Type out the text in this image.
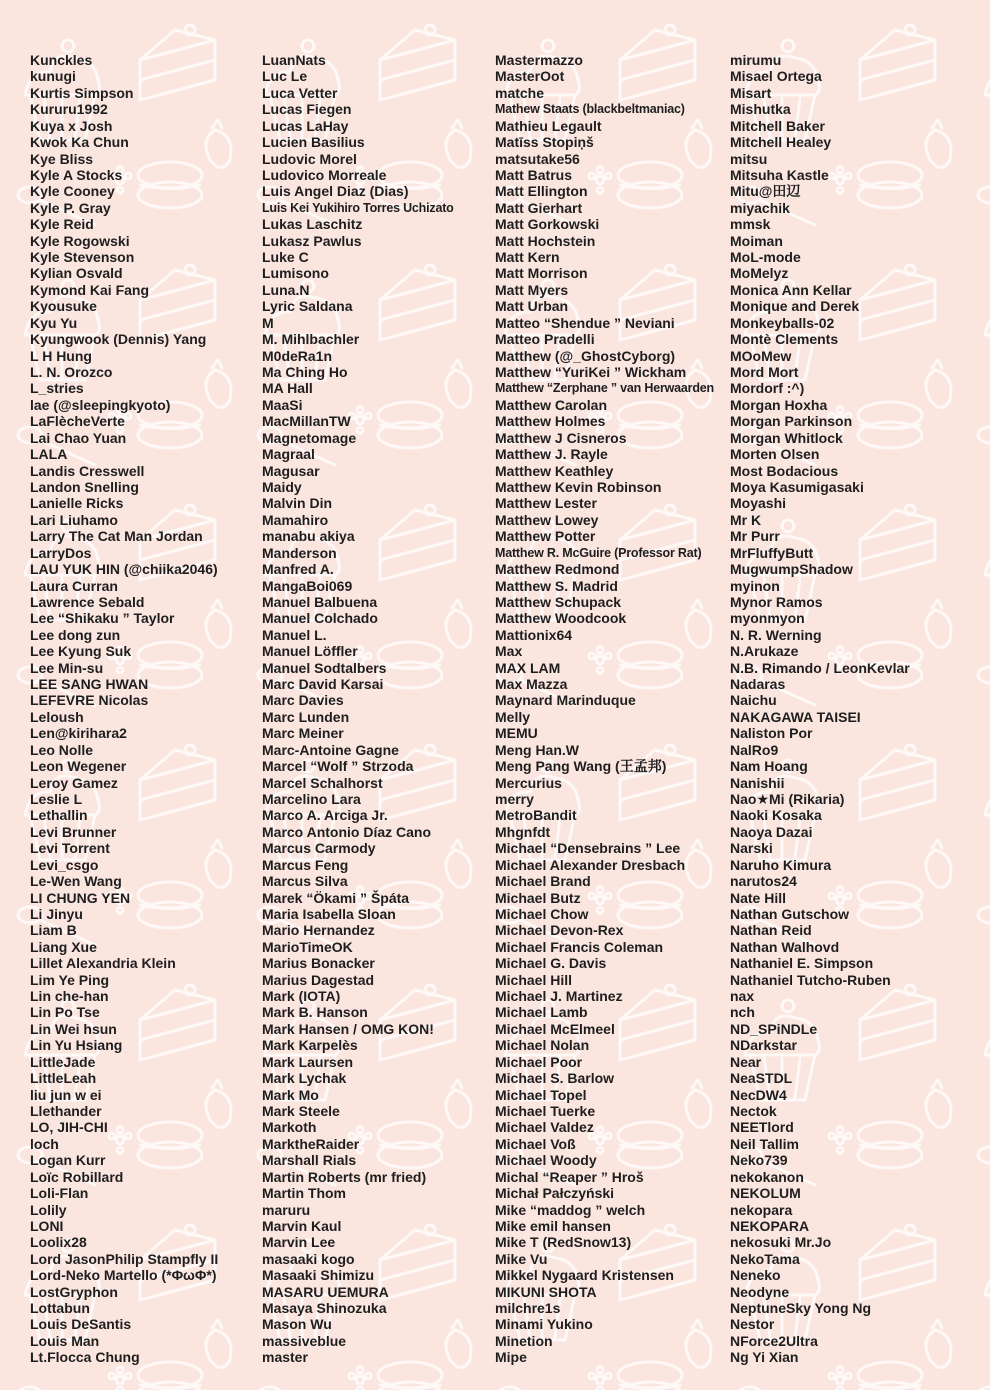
Kunckles
kunugi
Kurtis Simpson
Kururu1992
Kuya x Josh
Kwok Ka Chun
Kye Bliss
Kyle A Stocks
Kyle Cooney
Kyle P. Gray
Kyle Reid
Kyle Rogowski
Kyle Stevenson
Kylian Osvald
Kymond Kai Fang
Kyousuke
Kyu Yu
Kyungwook (Dennis) Yang
L H Hung
L. N. Orozco
L_stries
lae (@sleepingkyoto)
LaFlècheVerte
Lai Chao Yuan
LALA
Landis Cresswell
Landon Snelling
Lanielle Ricks
Lari Liuhamo
Larry The Cat Man Jordan
LarryDos
LAU YUK HIN (@chiika2046)
Laura Curran
Lawrence Sebald
Lee “Shikaku ” Taylor
Lee dong zun
Lee Kyung Suk
Lee Min-su
LEE SANG HWAN
LEFEVRE Nicolas
Leloush
Len@kirihara2
Leo Nolle
Leon Wegener
Leroy Gamez
Leslie L
Lethallin
Levi Brunner
Levi Torrent
Levi_csgo
Le-Wen Wang
LI CHUNG YEN
Li Jinyu
Liam B
Liang Xue
Lillet Alexandria Klein
Lim Ye Ping
Lin che-han
Lin Po Tse
Lin Wei hsun
Lin Yu Hsiang
LittleJade
LittleLeah
liu jun w ei
Llethander
LO, JIH-CHI
loch
Logan Kurr
Loïc Robillard
Loli-Flan
Lolily
LONI
Loolix28
Lord JasonPhilip Stampfly II
Lord-Neko Martello (*ΦωΦ*)
LostGryphon
Lottabun
Louis DeSantis
Louis Man
Lt.Flocca Chung
LuanNats
Luc Le
Luca Vetter
Lucas Fiegen
Lucas LaHay
Lucien Basilius
Ludovic Morel
Ludovico Morreale
Luis Angel Diaz (Dias)
Luis Kei Yukihiro Torres Uchizato
Lukas Laschitz
Lukasz Pawlus
Luke C
Lumisono
Luna.N
Lyric Saldana
M
M. Mihlbachler
M0deRa1n
Ma Ching Ho
MA Hall
MaaSi
MacMillanTW
Magnetomage
Magraal
Magusar
Maidy
Malvin Din
Mamahiro
manabu akiya
Manderson
Manfred A.
MangaBoi069
Manuel Balbuena
Manuel Colchado
Manuel L.
Manuel Löffler
Manuel Sodtalbers
Marc David Karsai
Marc Davies
Marc Lunden
Marc Meiner
Marc-Antoine Gagne
Marcel “Wolf ” Strzoda
Marcel Schalhorst
Marcelino Lara
Marco A. Arciga Jr.
Marco Antonio Díaz Cano
Marcus Carmody
Marcus Feng
Marcus Silva
Marek “Ökami ” Špáta
Maria Isabella Sloan
Mario Hernandez
MarioTimeOK
Marius Bonacker
Marius Dagestad
Mark (IOTA)
Mark B. Hanson
Mark Hansen / OMG KON!
Mark Karpelès
Mark Laursen
Mark Lychak
Mark Mo
Mark Steele
Markoth
MarktheRaider
Marshall Rials
Martin Roberts (mr fried)
Martin Thom
maruru
Marvin Kaul
Marvin Lee
masaaki kogo
Masaaki Shimizu
MASARU UEMURA
Masaya Shinozuka
Mason Wu
massiveblue
master
Mastermazzo
MasterOot
matche
Mathew Staats (blackbeltmaniac)
Mathieu Legault
Matīss Stopiņš
matsutake56
Matt Batrus
Matt Ellington
Matt Gierhart
Matt Gorkowski
Matt Hochstein
Matt Kern
Matt Morrison
Matt Myers
Matt Urban
Matteo “Shendue ” Neviani
Matteo Pradelli
Matthew (@_GhostCyborg)
Matthew “YuriKei ” Wickham
Matthew “Zerphane ” van Herwaarden
Matthew Carolan
Matthew Holmes
Matthew J Cisneros
Matthew J. Rayle
Matthew Keathley
Matthew Kevin Robinson
Matthew Lester
Matthew Lowey
Matthew Potter
Matthew R. McGuire (Professor Rat)
Matthew Redmond
Matthew S. Madrid
Matthew Schupack
Matthew Woodcook
Mattionix64
Max
MAX LAM
Max Mazza
Maynard Marinduque
Melly
MEMU
Meng Han.W
Meng Pang Wang (王孟邦)
Mercurius
merry
MetroBandit
Mhgnfdt
Michael “Densebrains ” Lee
Michael Alexander Dresbach
Michael Brand
Michael Butz
Michael Chow
Michael Devon-Rex
Michael Francis Coleman
Michael G. Davis
Michael Hill
Michael J. Martinez
Michael Lamb
Michael McElmeel
Michael Nolan
Michael Poor
Michael S. Barlow
Michael Topel
Michael Tuerke
Michael Valdez
Michael Voß
Michael Woody
Michal “Reaper ” Hroš
Michał Pałczyński
Mike “maddog ” welch
Mike emil hansen
Mike T (RedSnow13)
Mike Vu
Mikkel Nygaard Kristensen
MIKUNI SHOTA
milchre1s
Minami Yukino
Minetion
Mipe
mirumu
Misael Ortega
Misart
Mishutka
Mitchell Baker
Mitchell Healey
mitsu
Mitsuha Kastle
Mitu@田辺
miyachik
mmsk
Moiman
MoL-mode
MoMelyz
Monica Ann Kellar
Monique and Derek
Monkeyballs-02
Montè Clements
MOoMew
Mord Mort
Mordorf :^)
Morgan Hoxha
Morgan Parkinson
Morgan Whitlock
Morten Olsen
Most Bodacious
Moya Kasumigasaki
Moyashi
Mr K
Mr Purr
MrFluffyButt
MugwumpShadow
myinon
Mynor Ramos
myonmyon
N. R. Werning
N.Arukaze
N.B. Rimando / LeonKevlar
Nadaras
Naichu
NAKAGAWA TAISEI
Naliston Por
NalRo9
Nam Hoang
Nanishii
Nao★Mi (Rikaria)
Naoki Kosaka
Naoya Dazai
Narski
Naruho Kimura
narutos24
Nate Hill
Nathan Gutschow
Nathan Reid
Nathan Walhovd
Nathaniel E. Simpson
Nathaniel Tutcho-Ruben
nax
nch
ND_SPiNDLe
NDarkstar
Near
NeaSTDL
NecDW4
Nectok
NEETlord
Neil Tallim
Neko739
nekokanon
NEKOLUM
nekopara
NEKOPARA
nekosuki Mr.Jo
NekoTama
Neneko
Neodyne
NeptuneSky Yong Ng
Nestor
NForce2Ultra
Ng Yi Xian
